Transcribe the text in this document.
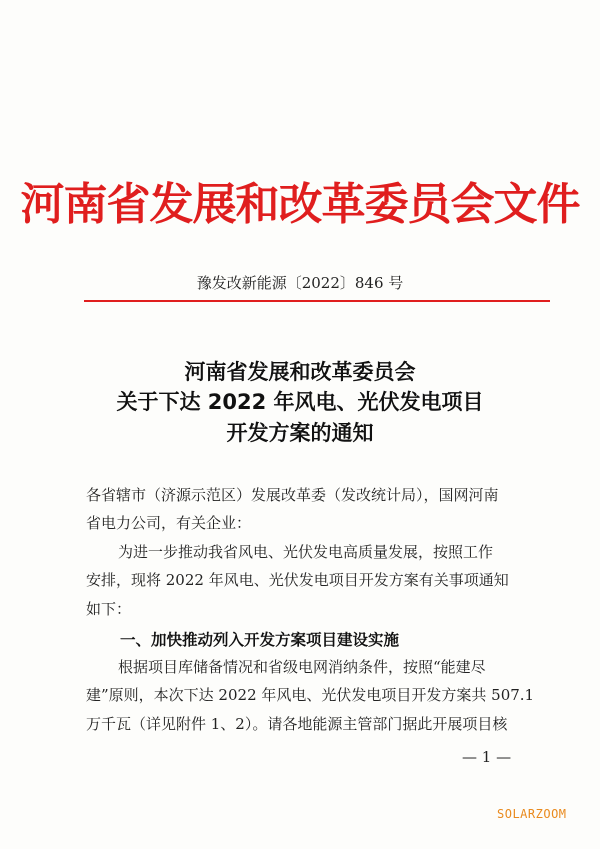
河南省发展和改革委员会文件
豫发改新能源〔2022〕846 号
河南省发展和改革委员会
关于下达 2022 年风电、光伏发电项目
开发方案的通知
各省辖市（济源示范区）发展改革委（发改统计局），国网河南
省电力公司，有关企业：
为进一步推动我省风电、光伏发电高质量发展，按照工作
安排，现将 2022 年风电、光伏发电项目开发方案有关事项通知
如下：
一、加快推动列入开发方案项目建设实施
根据项目库储备情况和省级电网消纳条件，按照“能建尽
建”原则，本次下达 2022 年风电、光伏发电项目开发方案共 507.1
万千瓦（详见附件 1、2）。请各地能源主管部门据此开展项目核
— 1 —
SOLARZOOM
